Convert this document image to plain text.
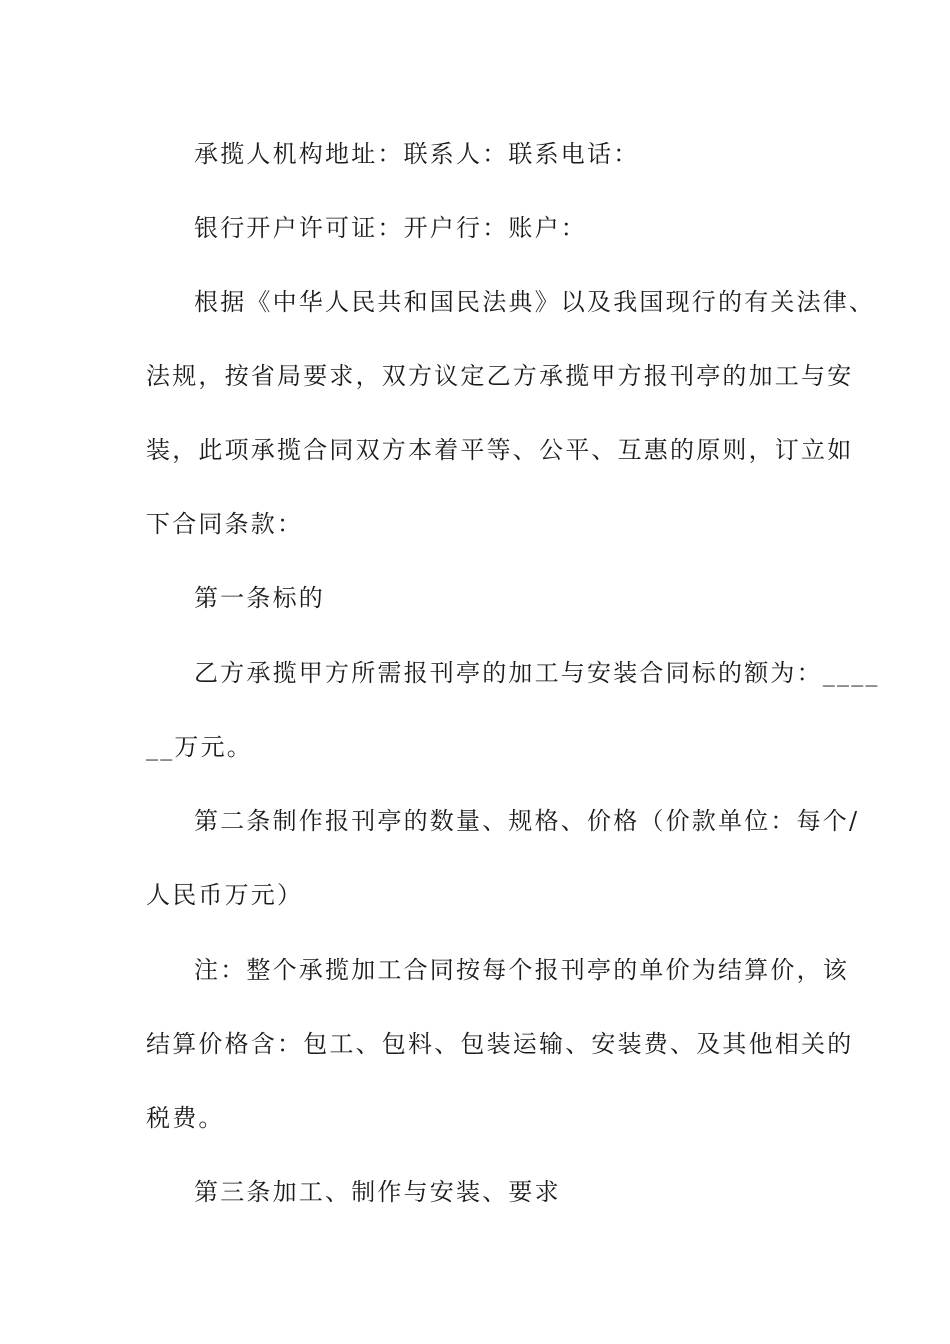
承揽人机构地址：联系人：联系电话：
银行开户许可证：开户行：账户：
根据《中华人民共和国民法典》以及我国现行的有关法律、
法规，按省局要求，双方议定乙方承揽甲方报刊亭的加工与安
装，此项承揽合同双方本着平等、公平、互惠的原则，订立如
下合同条款：
第一条标的
乙方承揽甲方所需报刊亭的加工与安装合同标的额为：____
__万元。
第二条制作报刊亭的数量、规格、价格（价款单位：每个/
人民币万元）
注：整个承揽加工合同按每个报刊亭的单价为结算价，该
结算价格含：包工、包料、包装运输、安装费、及其他相关的
税费。
第三条加工、制作与安装、要求
